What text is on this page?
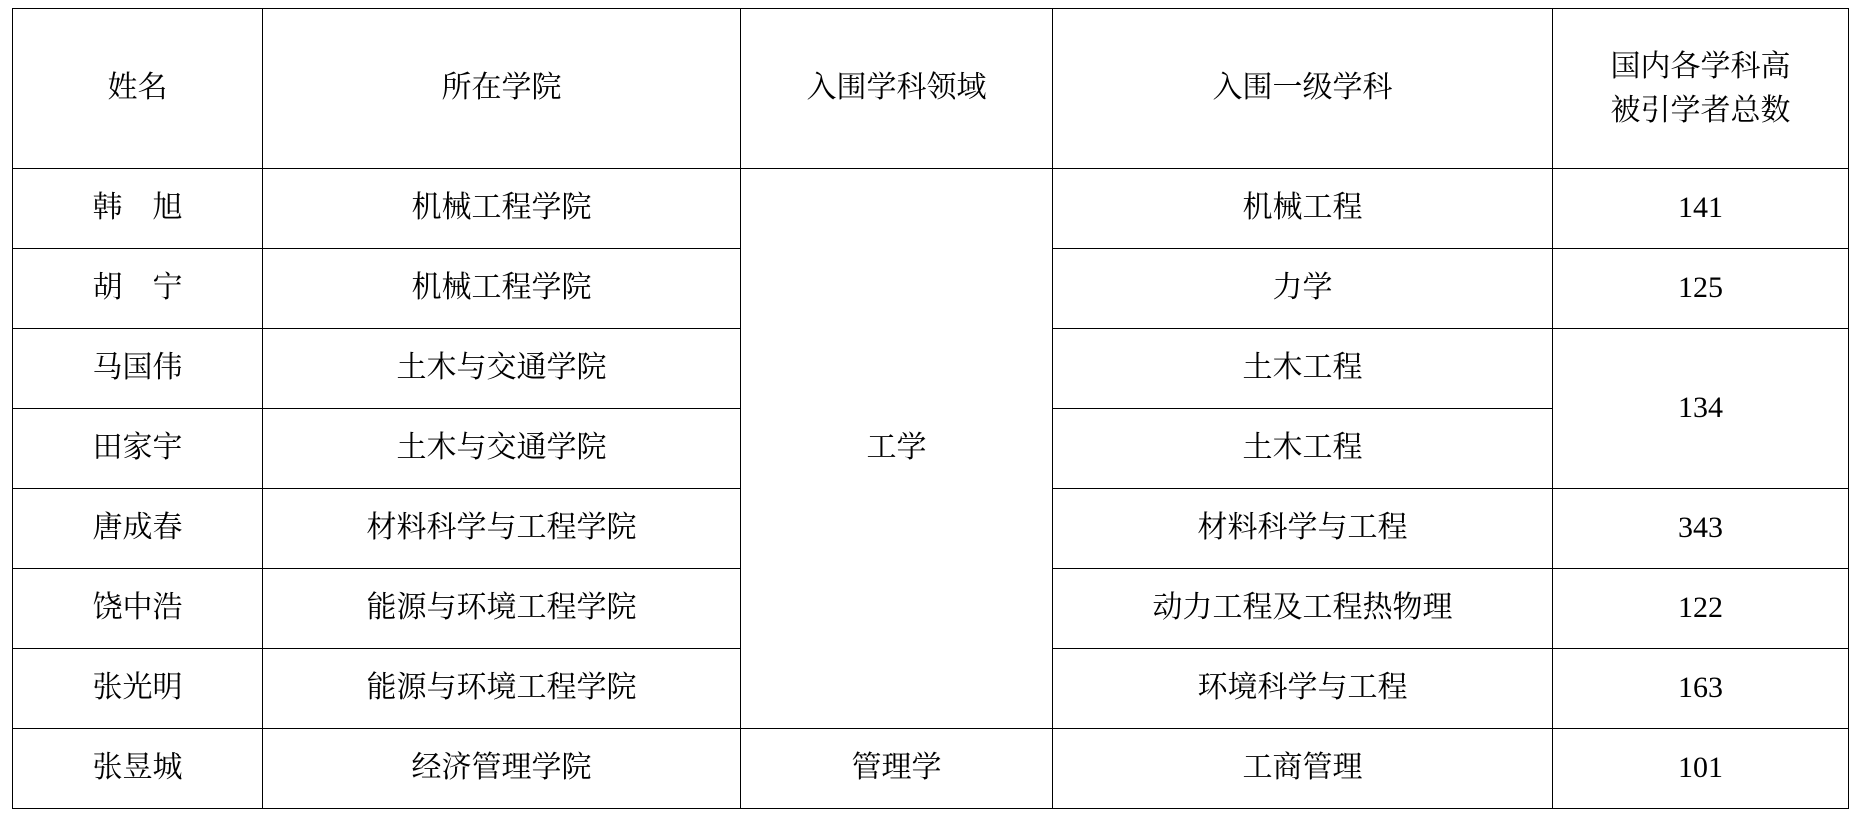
姓名	所在学院	入围学科领域	入围一级学科	国内各学科高
被引学者总数

韩　旭	机械工程学院	工学	机械工程	141
胡　宁	机械工程学院		力学	125
马国伟	土木与交通学院		土木工程	134
田家宇	土木与交通学院		土木工程	
唐成春	材料科学与工程学院		材料科学与工程	343
饶中浩	能源与环境工程学院		动力工程及工程热物理	122
张光明	能源与环境工程学院		环境科学与工程	163
张昱城	经济管理学院	管理学	工商管理	101
